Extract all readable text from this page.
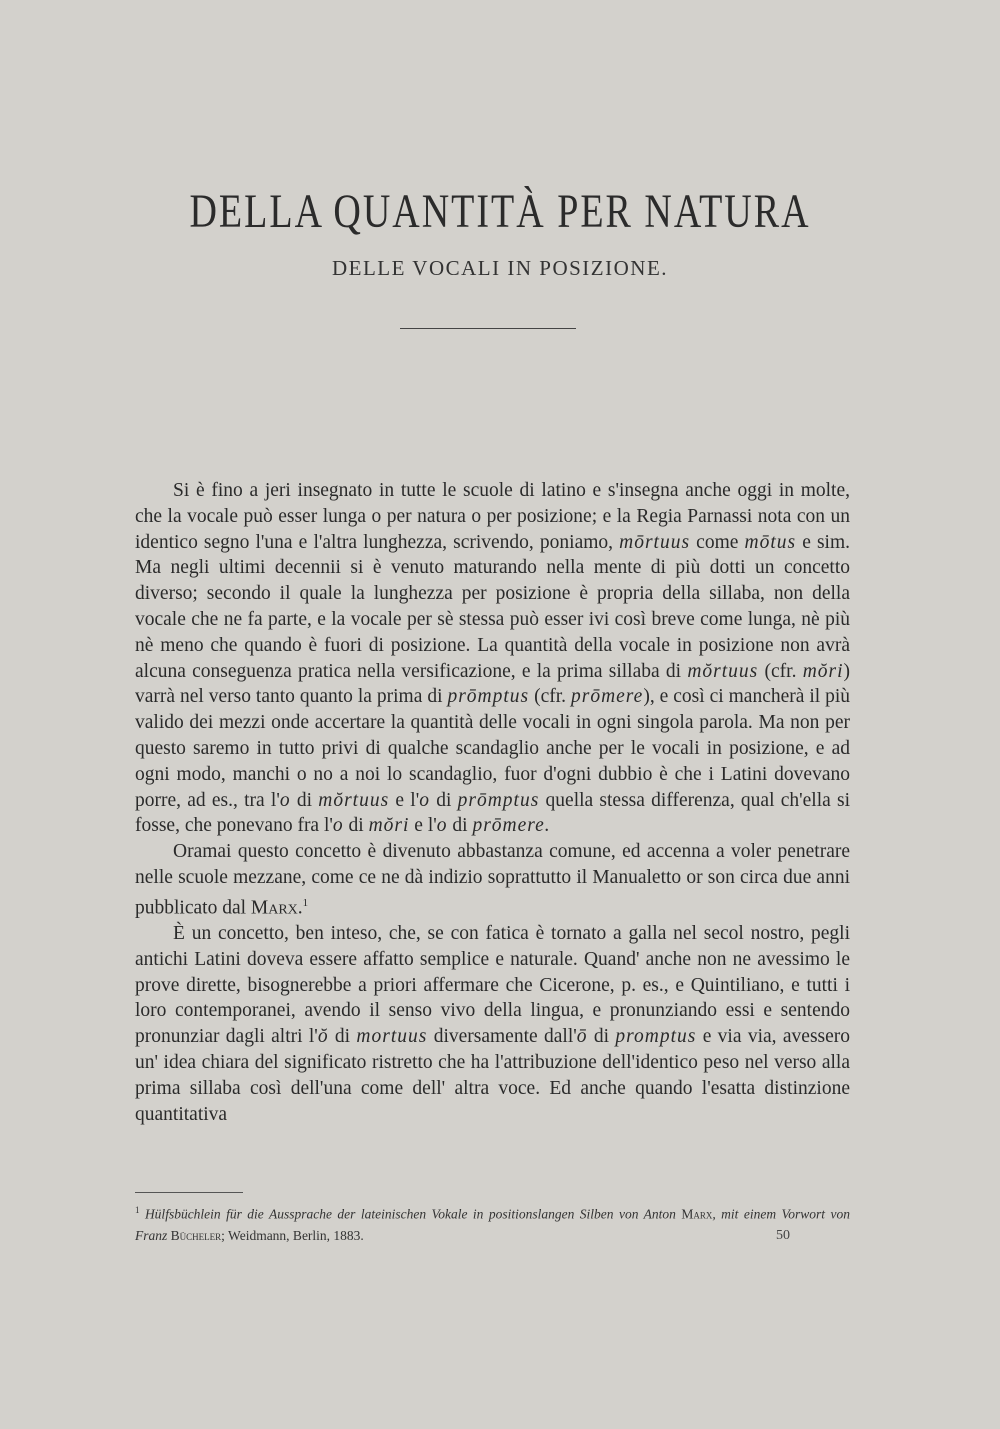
DELLA QUANTITÀ PER NATURA
DELLE VOCALI IN POSIZIONE.

Si è fino a jeri insegnato in tutte le scuole di latino e s'insegna anche oggi in molte, che la vocale può esser lunga o per natura o per posizione; e la Regia Parnassi nota con un identico segno l'una e l'altra lunghezza, scrivendo, poniamo, mōrtuus come mōtus e sim. Ma negli ultimi decennii si è venuto maturando nella mente di più dotti un concetto diverso; secondo il quale la lunghezza per posizione è propria della sillaba, non della vocale che ne fa parte, e la vocale per sè stessa può esser ivi così breve come lunga, nè più nè meno che quando è fuori di posizione. La quantità della vocale in posizione non avrà alcuna conseguenza pratica nella versificazione, e la prima sillaba di mŏrtuus (cfr. mŏri) varrà nel verso tanto quanto la prima di prōmptus (cfr. prōmere), e così ci mancherà il più valido dei mezzi onde accertare la quantità delle vocali in ogni singola parola. Ma non per questo saremo in tutto privi di qualche scandaglio anche per le vocali in posizione, e ad ogni modo, manchi o no a noi lo scandaglio, fuor d'ogni dubbio è che i Latini dovevano porre, ad es., tra l'o di mŏrtuus e l'o di prōmptus quella stessa differenza, qual ch'ella si fosse, che ponevano fra l'o di mŏri e l'o di prōmere.

Oramai questo concetto è divenuto abbastanza comune, ed accenna a voler penetrare nelle scuole mezzane, come ce ne dà indizio soprattutto il Manualetto or son circa due anni pubblicato dal Marx.$^1$

È un concetto, ben inteso, che, se con fatica è tornato a galla nel secol nostro, pegli antichi Latini doveva essere affatto semplice e naturale. Quand' anche non ne avessimo le prove dirette, bisognerebbe a priori affermare che Cicerone, p. es., e Quintiliano, e tutti i loro contemporanei, avendo il senso vivo della lingua, e pronunziando essi e sentendo pronunziar dagli altri l'ŏ di mortuus diversamente dall'ō di promptus e via via, avessero un' idea chiara del significato ristretto che ha l'attribuzione dell'identico peso nel verso alla prima sillaba così dell'una come dell' altra voce. Ed anche quando l'esatta distinzione quantitativa

$^1$ Hülfsbüchlein für die Aussprache der lateinischen Vokale in positionslangen Silben von Anton Marx, mit einem Vorwort von Franz Bücheler; Weidmann, Berlin, 1883.	50
